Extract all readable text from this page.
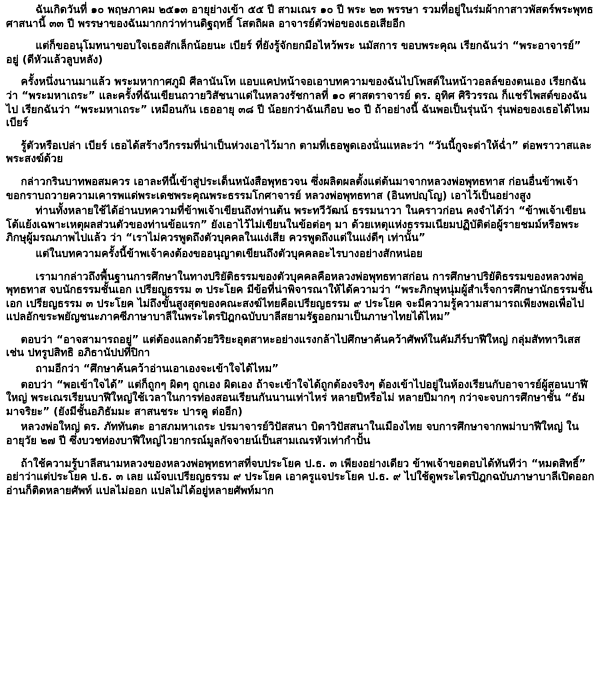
ฉันเกิดวันที่ ๑๐ พฤษภาคม ๒๕๑๓ อายุย่างเข้า ๕๕ ปี สามเณร ๑๐ ปี พระ ๒๓ พรรษา รวมที่อยู่ในร่มผ้ากาสาวพัสตร์พระพุทธศาสนานี้ ๓๓ ปี พรรษาของฉันมากกว่าท่านดิฐฤทธิ์ โสตถิผล อาจารย์ตัวพ่อของเธอเสียอีก
แต่ก็ขออนุโมทนาขอบใจเธอสักเล็กน้อยนะ เบียร์ ที่ยังรู้จักยกมือไหว้พระ นมัสการ ขอบพระคุณ เรียกฉันว่า “พระอาจารย์” อยู่ (ดีหัวแล้วลูบหลัง)
ครั้งหนึ่งนานมาแล้ว พระมหากาศภูมิ ศีลานันโท แอบแคปหน้าจอเอาบทความของฉันไปโพสต์ในหน้าวอลล์ของตนเอง เรียกฉันว่า “พระมหาเถระ” และครั้งที่ฉันเขียนถวายวิสัชนาแด่ในหลวงรัชกาลที่ ๑๐ ศาสตราจารย์ ดร. อุทิศ ศิริวรรณ ก็แชร์ไพสต์ของฉันไป เรียกฉันว่า “พระมหาเถระ” เหมือนกัน เธออายุ ๓๘ ปี น้อยกว่าฉันเกือบ ๒๐ ปี ถ้าอย่างนี้ ฉันพอเป็นรุ่นน้า รุ่นพ่อของเธอได้ไหม เบียร์
รู้ตัวหรือเปล่า เบียร์ เธอได้สร้างวีกรรมที่น่าเป็นห่วงเอาไว้มาก ตามที่เธอพูดเองนั่นแหละว่า “วันนี้กูจะด่าให้ฉ่ำ” ต่อพราวาสและพระสงฆ์ด้วย
กล่าวกรินบาทพอสมควร เอาละทีนี้เข้าสู่ประเด็นหนังสือพุทธวจน ซึ่งผลิตผลตั้งแต่ต้นมาจากหลวงพ่อพุทธทาส ก่อนอื่นข้าพเจ้าขอกราบถวายความเคารพแด่พระเดชพระคุณพระธรรมโกศาจารย์ หลวงพ่อพุทธทาส (อินทปญฺโญ) เอาไว้เป็นอย่างสูง
ท่านทั้งหลายใช้ได้อ่านบทความที่ข้าพเจ้าเขียนถึงท่านต้น พระทวีวัฒน์ ธรรมนาวา ในคราวก่อน คงจำได้ว่า “ข้าพเจ้าเขียนโต้แย้งเฉพาะเหตุผลส่วนตัวของท่านข้อแรก” ยังเอาไว้ไม่เขียนในข้อต่อๆ มา ด้วยเหตุแห่งธรรมเนียมปฏิบัติต่อผู้รายชมม์หรือพระภิกษุผู้มรณภาพไปแล้ว ว่า “เราไม่ควรพูดถึงตัวบุคคลในแง่เสีย ควรพูดถึงแต่ในแง่ดีๆ เท่านั้น”
แต่ในบทความครั้งนี้ข้าพเจ้าคงต้องขออนุญาตเขียนถึงตัวบุคคลอะไรบางอย่างสักหน่อย
เรามากล่าวถึงพื้นฐานการศึกษาในทางปริยัติธรรมของตัวบุคคลคือหลวงพ่อพุทธทาสก่อน การศึกษาปริยัติธรรมของหลวงพ่อพุทธทาส จบนักธรรมชั้นเอก เปรียญธรรม ๓ ประโยค มีข้อที่น่าพิจารณาให้ได้ความว่า “พระภิกษุหนุ่มผู้สำเร็จการศึกษานักธรรมชั้นเอก เปรียญธรรม ๓ ประโยค ไม่ถึงขั้นสูงสุดของคณะสงฆ์ไทยคือเปรียญธรรม ๙ ประโยค จะมีความรู้ความสามารถเพียงพอเพื่อไปแปลอักขระพยัญชนะภาคซีภาษาบาลีในพระไตรปิฎกฉบับบาลีสยามรัฐออกมาเป็นภาษาไทยได้ไหม”
ตอบว่า “อาจสามารถอยู่” แต่ต้องแลกด้วยวิริยะอุตสาหะอย่างแรงกล้าไปศึกษาค้นคว้าศัพท์ในคัมภีร์บาฬีใหญ่ กลุ่มสัททาวิเสส เช่น ปทรูปสิทธิ อภิธานัปปทีปิกา
ถามอีกว่า “ศึกษาค้นคว้าอ่านเอาเองจะเข้าใจได้ไหม”
ตอบว่า “พอเข้าใจได้” แต่ก็ถูกๆ ผิดๆ ถูกเอง ผิดเอง ถ้าจะเข้าใจได้ถูกต้องจริงๆ ต้องเข้าไปอยู่ในห้องเรียนกับอาจารย์ผู้สอนบาฬีใหญ่ พระเณรเรียนบาฬีใหญ่ใช้เวลาในการท่องสอนเรียนกันนานเท่าไหร่ หลายปีหรือไม่ หลายปีมากๆ กว่าจะจบการศึกษาชั้น “ธัมมาจริยะ” (ยังมีชั้นอภิธัมมะ สาสนชระ ปารคู ต่ออีก)
หลวงพ่อใหญ่ ดร. ภัททันตะ อาสภมหาเถระ ปรมาจารย์วิปัสสนา บิดาวิปัสสนาในเมืองไทย จบการศึกษาจากพม่าบาฬีใหญ่ ในอายุวัย ๒๗ ปี ซึ่งบวชท่องบาฬีใหญ่ไวยากรณ์มูลกัจจายน์เป็นสามเณรหัวเท่ากำปั้น
ถ้าใช้ความรู้บาลีสนามหลวงของหลวงพ่อพุทธทาสที่จบประโยค ป.ธ. ๓ เพียงอย่างเดียว ข้าพเจ้าขอตอบได้ทันทีว่า “หมดสิทธิ์” อย่าว่าแต่ประโยค ป.ธ. ๓ เลย แม้จบเปรียญธรรม ๙ ประโยค เอาครูแจประโยค ป.ธ. ๙ ไปใช้ดูพระไตรปิฎกฉบับภาษาบาลีเปิดออกอ่านก็ติดหลายศัพท์ แปลไม่ออก แปลไม่ได้อยู่หลายศัพท์มาก
